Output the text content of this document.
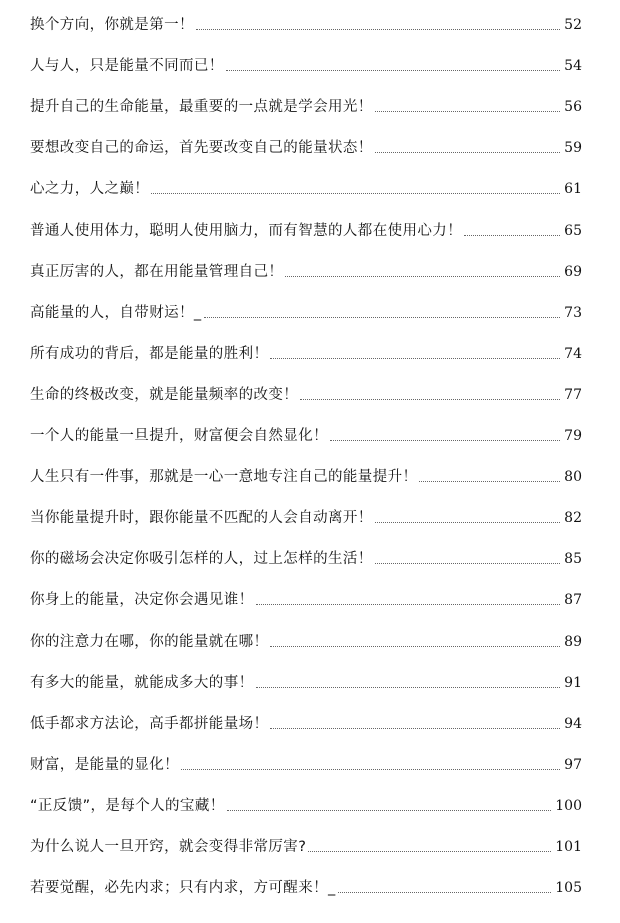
换个方向，你就是第一！	52
人与人，只是能量不同而已！	54
提升自己的生命能量，最重要的一点就是学会用光！	56
要想改变自己的命运，首先要改变自己的能量状态！	59
心之力，人之巅！	61
普通人使用体力，聪明人使用脑力，而有智慧的人都在使用心力！	65
真正厉害的人，都在用能量管理自己！	69
高能量的人，自带财运！_	73
所有成功的背后，都是能量的胜利！	74
生命的终极改变，就是能量频率的改变！	77
一个人的能量一旦提升，财富便会自然显化！	79
人生只有一件事，那就是一心一意地专注自己的能量提升！	80
当你能量提升时，跟你能量不匹配的人会自动离开！	82
你的磁场会决定你吸引怎样的人，过上怎样的生活！	85
你身上的能量，决定你会遇见谁！	87
你的注意力在哪，你的能量就在哪！	89
有多大的能量，就能成多大的事！	91
低手都求方法论，高手都拼能量场！	94
财富，是能量的显化！	97
“正反馈”，是每个人的宝藏！	100
为什么说人一旦开窍，就会变得非常厉害?	101
若要觉醒，必先内求；只有内求，方可醒来！_	105
